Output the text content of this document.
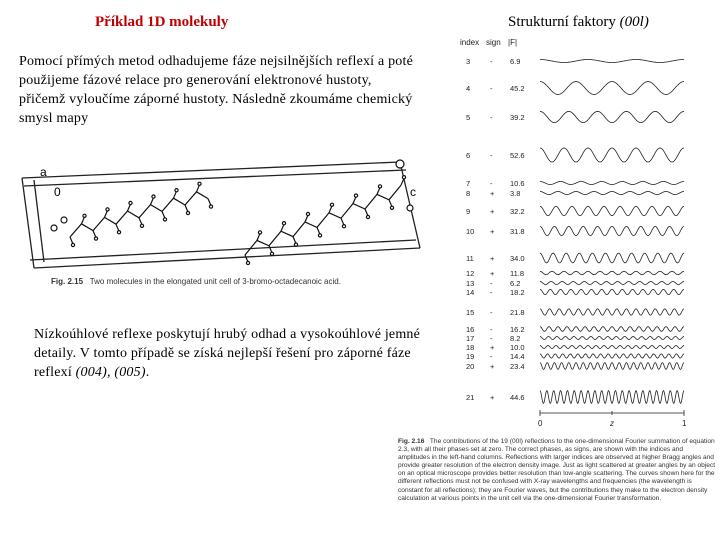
Příklad 1D molekuly	Strukturní faktory (00l)
Pomocí přímých metod odhadujeme fáze nejsilnějších reflexí a poté použijeme fázové relace pro generování elektronové hustoty, přičemž vyloučíme záporné hustoty. Následně zkoumáme chemický smysl mapy
a
0	c
Fig. 2.15 Two molecules in the elongated unit cell of 3-bromo-octadecanoic acid.
Nízkoúhlové reflexe poskytují hrubý odhad a vysokoúhlové jemné detaily. V tomto případě se získá nejlepší řešení pro záporné fáze reflexí (004), (005).
index sign |F|
3	- 6.9
4	- 45.2
5	- 39.2
6	- 52.6
7	- 10.6
8	+ 3.8
9	+ 32.2
10 + 31.8
11 + 34.0
12 + 11.8
13 - 6.2
14 - 18.2
15 - 21.8
16 - 16.2
17 - 8.2
18 + 10.0
19 - 14.4
20 + 23.4
21 + 44.6
0	z	1
Fig. 2.16 The contributions of the 19 (00l) reflections to the one-dimensional Fourier summation of equation 2.3, with all their phases set at zero. The correct phases, as signs, are shown with the indices and amplitudes in the left-hand columns. Reflections with larger indices are observed at higher Bragg angles and provide greater resolution of the electron density image. Just as light scattered at greater angles by an object on an optical microscope provides better resolution than low-angle scattering. The curves shown here for the different reflections must not be confused with X-ray wavelengths and frequencies (the wavelength is constant for all reflections); they are Fourier waves, but the contributions they make to the electron density calculation at various points in the unit cell via the one-dimensional Fourier transformation.
